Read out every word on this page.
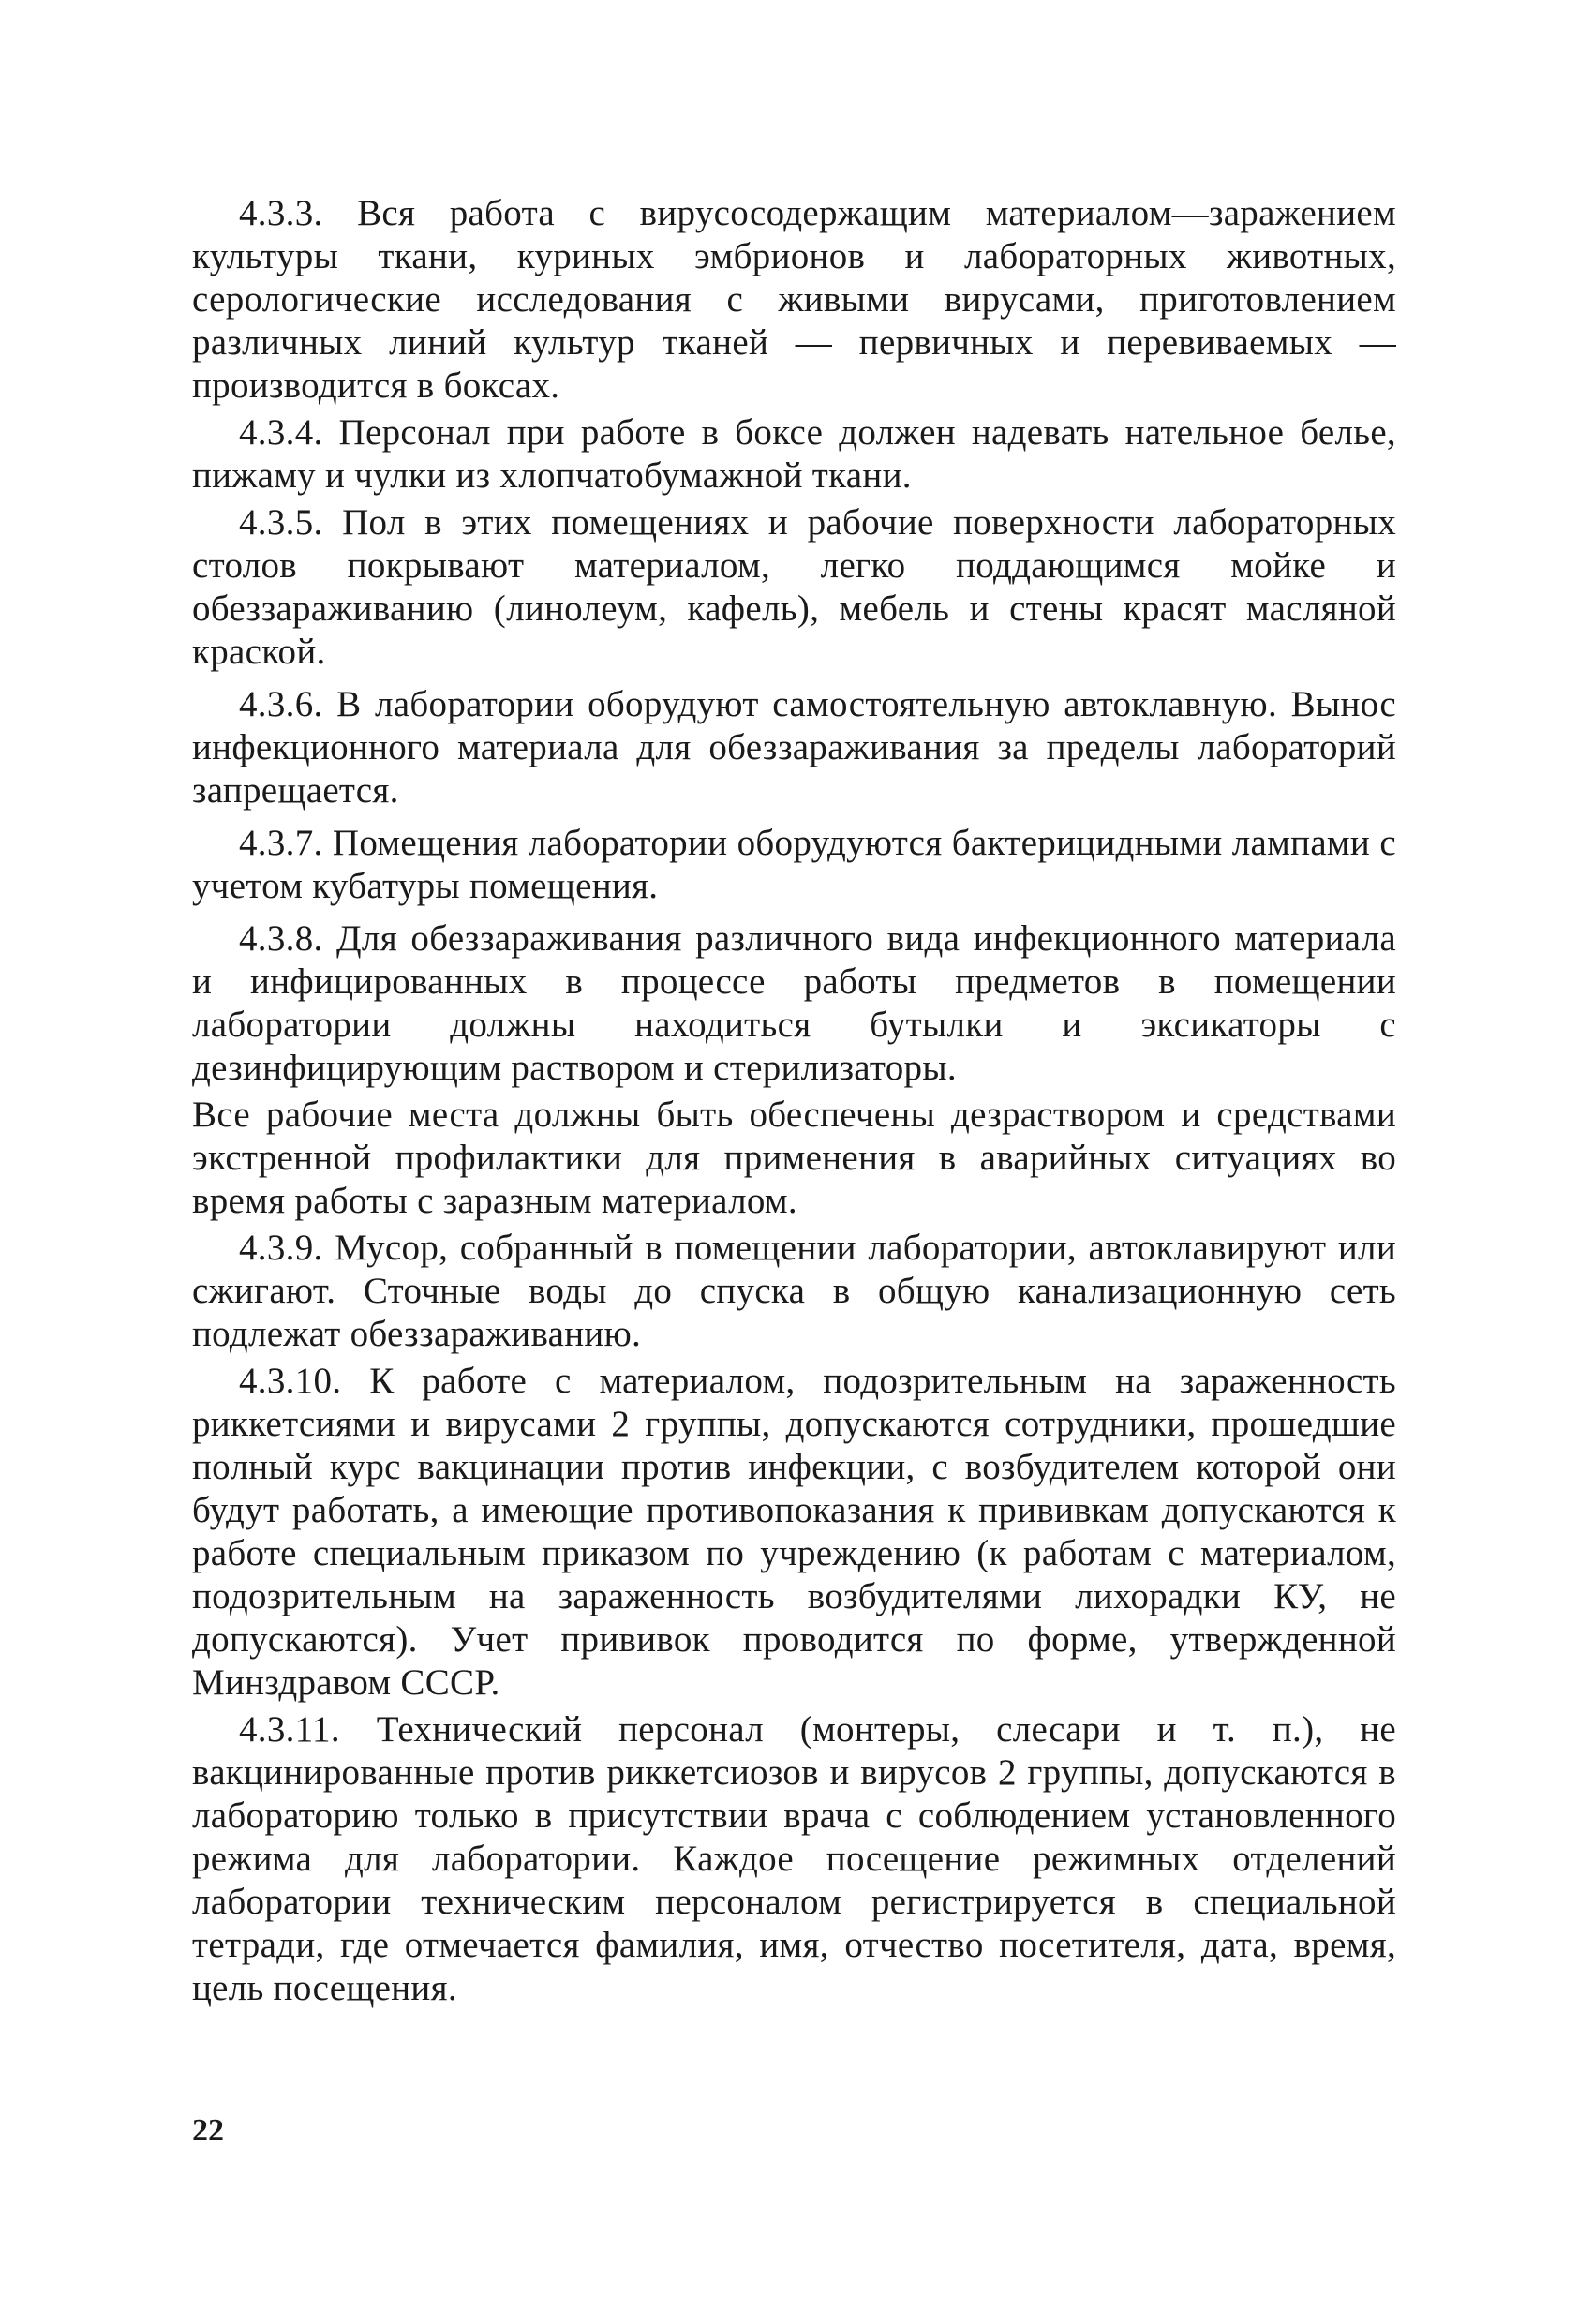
4.3.3. Вся работа с вирусосодержащим материалом—заражением культуры ткани, куриных эмбрионов и лабораторных животных, серологические исследования с живыми вирусами, приготовлением различных линий культур тканей — первичных и перевиваемых — производится в боксах.

4.3.4. Персонал при работе в боксе должен надевать нательное белье, пижаму и чулки из хлопчатобумажной ткани.

4.3.5. Пол в этих помещениях и рабочие поверхности лабораторных столов покрывают материалом, легко поддающимся мойке и обеззараживанию (линолеум, кафель), мебель и стены красят масляной краской.

4.3.6. В лаборатории оборудуют самостоятельную автоклавную. Вынос инфекционного материала для обеззараживания за пределы лабораторий запрещается.

4.3.7. Помещения лаборатории оборудуются бактерицидными лампами с учетом кубатуры помещения.

4.3.8. Для обеззараживания различного вида инфекционного материала и инфицированных в процессе работы предметов в помещении лаборатории должны находиться бутылки и эксикаторы с дезинфицирующим раствором и стерилизаторы.

Все рабочие места должны быть обеспечены дезраствором и средствами экстренной профилактики для применения в аварийных ситуациях во время работы с заразным материалом.

4.3.9. Мусор, собранный в помещении лаборатории, автоклавируют или сжигают. Сточные воды до спуска в общую канализационную сеть подлежат обеззараживанию.

4.3.10. К работе с материалом, подозрительным на зараженность риккетсиями и вирусами 2 группы, допускаются сотрудники, прошедшие полный курс вакцинации против инфекции, с возбудителем которой они будут работать, а имеющие противопоказания к прививкам допускаются к работе специальным приказом по учреждению (к работам с материалом, подозрительным на зараженность возбудителями лихорадки КУ, не допускаются). Учет прививок проводится по форме, утвержденной Минздравом СССР.

4.3.11. Технический персонал (монтеры, слесари и т. п.), не вакцинированные против риккетсиозов и вирусов 2 группы, допускаются в лабораторию только в присутствии врача с соблюдением установленного режима для лаборатории. Каждое посещение режимных отделений лаборатории техническим персоналом регистрируется в специальной тетради, где отмечается фамилия, имя, отчество посетителя, дата, время, цель посещения.

22
